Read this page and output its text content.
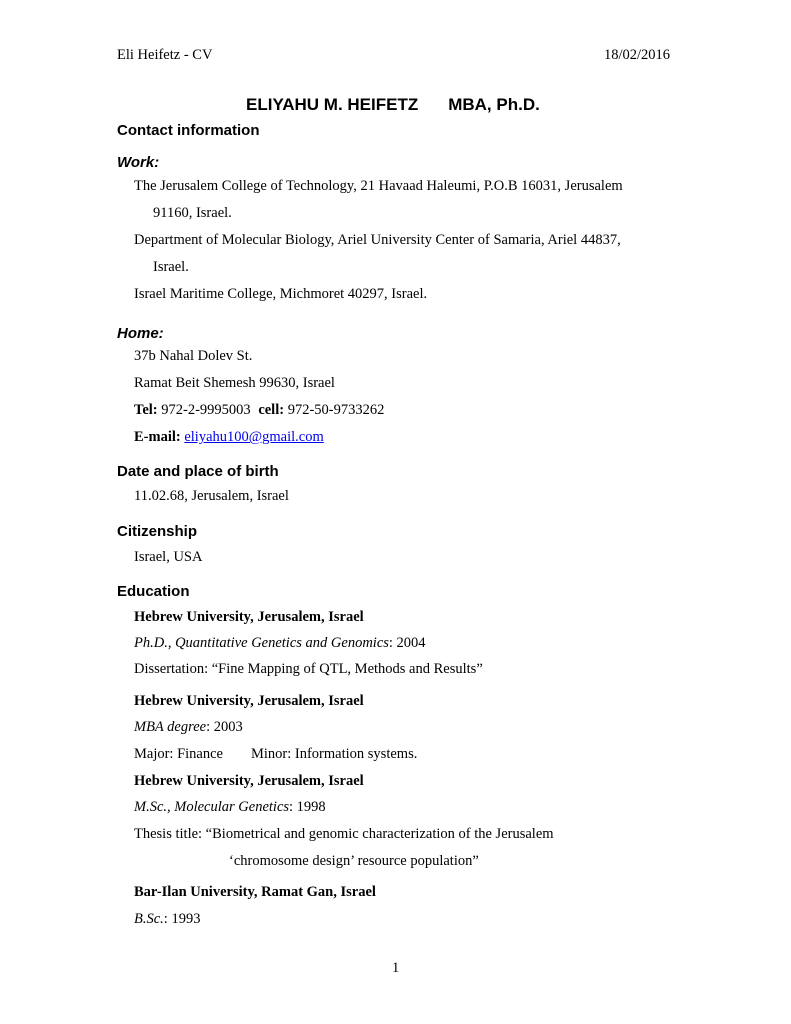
Eli Heifetz - CV	18/02/2016
ELIYAHU M. HEIFETZ MBA, Ph.D.
Contact information
Work:
The Jerusalem College of Technology, 21 Havaad Haleumi, P.O.B 16031, Jerusalem
91160, Israel.
Department of Molecular Biology, Ariel University Center of Samaria, Ariel 44837,
Israel.
Israel Maritime College, Michmoret 40297, Israel.
Home:
37b Nahal Dolev St.
Ramat Beit Shemesh 99630, Israel
Tel: 972-2-9995003 cell: 972-50-9733262
E-mail: eliyahu100@gmail.com
Date and place of birth
11.02.68, Jerusalem, Israel
Citizenship
Israel, USA
Education
Hebrew University, Jerusalem, Israel
Ph.D., Quantitative Genetics and Genomics: 2004
Dissertation: “Fine Mapping of QTL, Methods and Results”
Hebrew University, Jerusalem, Israel
MBA degree: 2003
Major: Finance Minor: Information systems.
Hebrew University, Jerusalem, Israel
M.Sc., Molecular Genetics: 1998
Thesis title: “Biometrical and genomic characterization of the Jerusalem
‘chromosome design’ resource population”
Bar-Ilan University, Ramat Gan, Israel
B.Sc.: 1993
1
